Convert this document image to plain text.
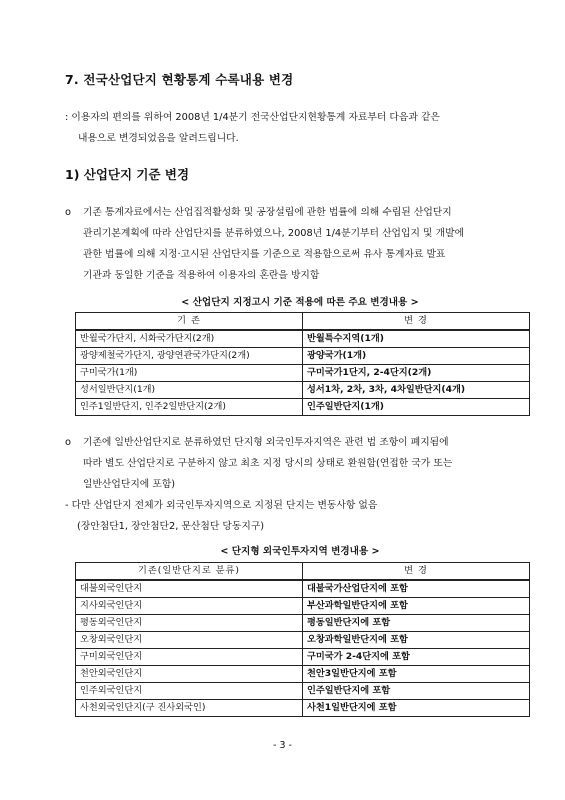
7. 전국산업단지 현황통계 수록내용 변경
: 이용자의 편의를 위하여 2008년 1/4분기 전국산업단지현황통계 자료부터 다음과 같은
내용으로 변경되었음을 알려드립니다.
1) 산업단지 기준 변경
o	기존 통계자료에서는 산업집적활성화 및 공장설립에 관한 법률에 의해 수립된 산업단지
관리기본계획에 따라 산업단지를 분류하였으나, 2008년 1/4분기부터 산업입지 및 개발에
관한 법률에 의해 지정·고시된 산업단지를 기준으로 적용함으로써 유사 통계자료 발표
기관과 동일한 기준을 적용하여 이용자의 혼란을 방지함
< 산업단지 지정고시 기준 적용에 따른 주요 변경내용 >
기 존	변 경
반월국가단지, 시화국가단지(2개)	반월특수지역(1개)
광양제철국가단지, 광양연관국가단지(2개)	광양국가(1개)
구미국가(1개)	구미국가1단지, 2-4단지(2개)
성서일반단지(1개)	성서1차, 2차, 3차, 4차일반단지(4개)
인주1일반단지, 인주2일반단지(2개)	인주일반단지(1개)
o	기존에 일반산업단지로 분류하였던 단지형 외국인투자지역은 관련 법 조항이 폐지됨에
따라 별도 산업단지로 구분하지 않고 최초 지정 당시의 상태로 환원함(연접한 국가 또는
일반산업단지에 포함)
- 다만 산업단지 전체가 외국인투자지역으로 지정된 단지는 변동사항 없음
(장안첨단1, 장안첨단2, 문산첨단 당동지구)
< 단지형 외국인투자지역 변경내용 >
기존(일반단지로 분류)	변 경
대불외국인단지	대불국가산업단지에 포함
지사외국인단지	부산과학일반단지에 포함
평동외국인단지	평동일반단지에 포함
오창외국인단지	오창과학일반단지에 포함
구미외국인단지	구미국가 2-4단지에 포함
천안외국인단지	천안3일반단지에 포함
인주외국인단지	인주일반단지에 포함
사천외국인단지(구 진사외국인)	사천1일반단지에 포함
- 3 -
